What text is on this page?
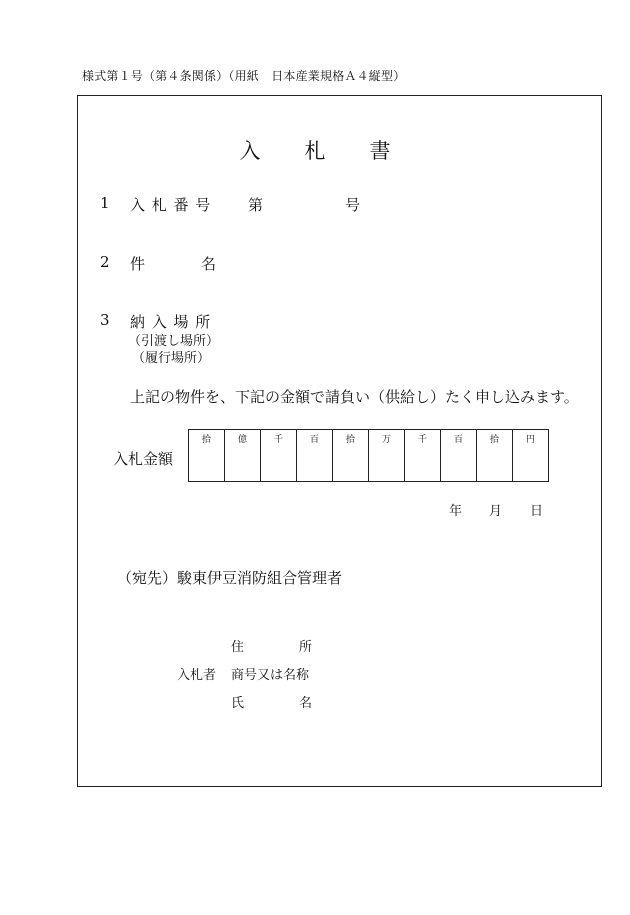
様式第１号（第４条関係）（用紙　日本産業規格Ａ４縦型）
入札書
1 入 札 番 号 第	号
2 件	名
3 納 入 場 所
（引渡し場所）
（履行場所）
上記の物件を、下記の金額で請負い（供給し）たく申し込みます。
入札金額
拾	億	千	百	拾	万	千	百	拾	円
年 月 日
（宛先）駿東伊豆消防組合管理者
住	所
入札者 商号又は名称
氏	名
